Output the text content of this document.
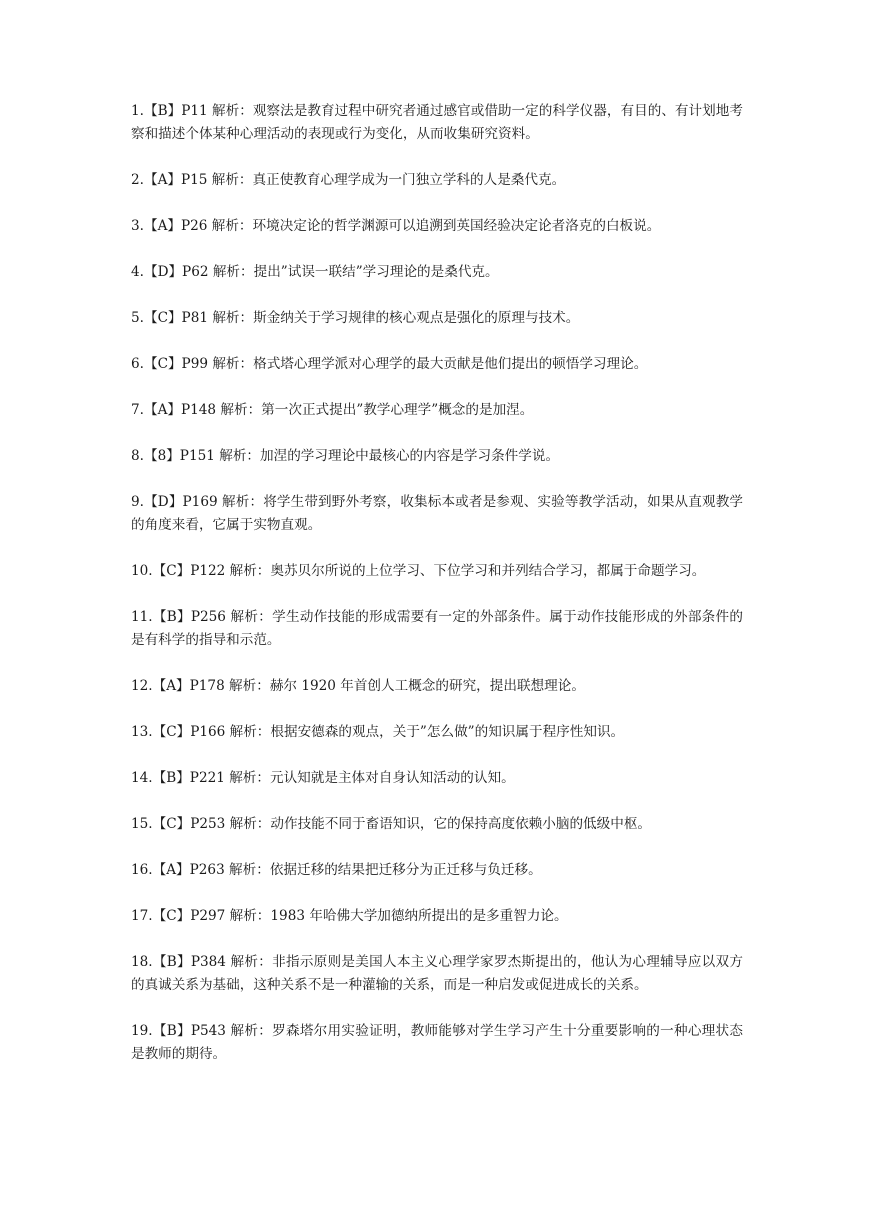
1.【B】P11 解析：观察法是教育过程中研究者通过感官或借助一定的科学仪器，有目的、有计划地考察和描述个体某种心理活动的表现或行为变化，从而收集研究资料。

2.【A】P15 解析：真正使教育心理学成为一门独立学科的人是桑代克。

3.【A】P26 解析：环境决定论的哲学渊源可以追溯到英国经验决定论者洛克的白板说。

4.【D】P62 解析：提出”试误一联结”学习理论的是桑代克。

5.【C】P81 解析：斯金纳关于学习规律的核心观点是强化的原理与技术。

6.【C】P99 解析：格式塔心理学派对心理学的最大贡献是他们提出的顿悟学习理论。

7.【A】P148 解析：第一次正式提出”教学心理学”概念的是加涅。

8.【8】P151 解析：加涅的学习理论中最核心的内容是学习条件学说。

9.【D】P169 解析：将学生带到野外考察，收集标本或者是参观、实验等教学活动，如果从直观教学的角度来看，它属于实物直观。

10.【C】P122 解析：奥苏贝尔所说的上位学习、下位学习和并列结合学习，都属于命题学习。

11.【B】P256 解析：学生动作技能的形成需要有一定的外部条件。属于动作技能形成的外部条件的是有科学的指导和示范。

12.【A】P178 解析：赫尔 1920 年首创人工概念的研究，提出联想理论。

13.【C】P166 解析：根据安德森的观点，关于”怎么做”的知识属于程序性知识。

14.【B】P221 解析：元认知就是主体对自身认知活动的认知。

15.【C】P253 解析：动作技能不同于畜语知识，它的保持高度依赖小脑的低级中枢。

16.【A】P263 解析：依据迁移的结果把迁移分为正迁移与负迁移。

17.【C】P297 解析：1983 年哈佛大学加德纳所提出的是多重智力论。

18.【B】P384 解析：非指示原则是美国人本主义心理学家罗杰斯提出的，他认为心理辅导应以双方的真诚关系为基础，这种关系不是一种灌输的关系，而是一种启发或促进成长的关系。

19.【B】P543 解析：罗森塔尔用实验证明，教师能够对学生学习产生十分重要影响的一种心理状态是教师的期待。
